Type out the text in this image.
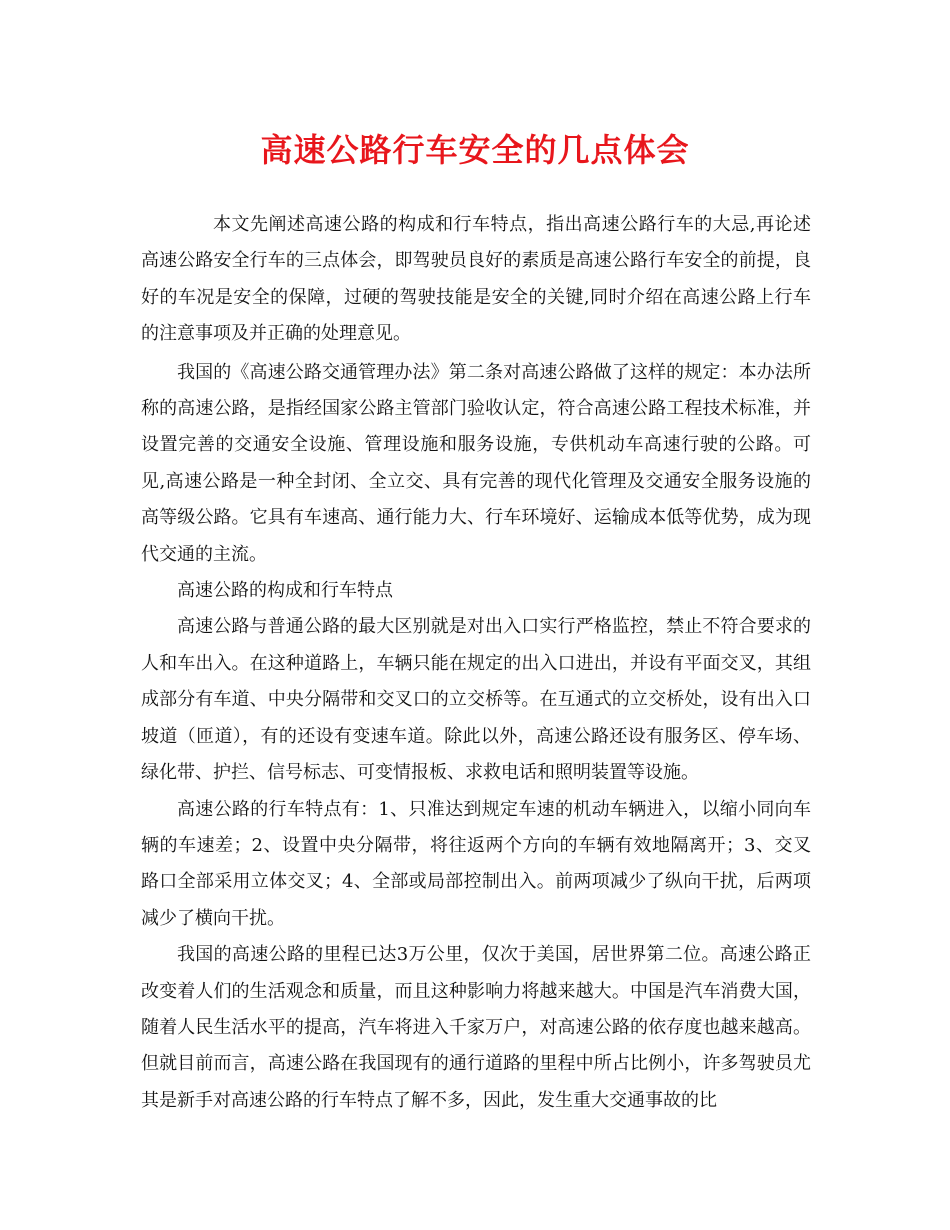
高速公路行车安全的几点体会

本文先阐述高速公路的构成和行车特点，指出高速公路行车的大忌,再论述高速公路安全行车的三点体会，即驾驶员良好的素质是高速公路行车安全的前提，良好的车况是安全的保障，过硬的驾驶技能是安全的关键,同时介绍在高速公路上行车的注意事项及并正确的处理意见。

我国的《高速公路交通管理办法》第二条对高速公路做了这样的规定：本办法所称的高速公路，是指经国家公路主管部门验收认定，符合高速公路工程技术标准，并设置完善的交通安全设施、管理设施和服务设施，专供机动车高速行驶的公路。可见,高速公路是一种全封闭、全立交、具有完善的现代化管理及交通安全服务设施的高等级公路。它具有车速高、通行能力大、行车环境好、运输成本低等优势，成为现代交通的主流。

高速公路的构成和行车特点

高速公路与普通公路的最大区别就是对出入口实行严格监控，禁止不符合要求的人和车出入。在这种道路上，车辆只能在规定的出入口进出，并设有平面交叉，其组成部分有车道、中央分隔带和交叉口的立交桥等。在互通式的立交桥处，设有出入口坡道（匝道），有的还设有变速车道。除此以外，高速公路还设有服务区、停车场、绿化带、护拦、信号标志、可变情报板、求救电话和照明装置等设施。

高速公路的行车特点有：1、只准达到规定车速的机动车辆进入，以缩小同向车辆的车速差；2、设置中央分隔带，将往返两个方向的车辆有效地隔离开；3、交叉路口全部采用立体交叉；4、全部或局部控制出入。前两项减少了纵向干扰，后两项减少了横向干扰。

我国的高速公路的里程已达3万公里，仅次于美国，居世界第二位。高速公路正改变着人们的生活观念和质量，而且这种影响力将越来越大。中国是汽车消费大国，随着人民生活水平的提高，汽车将进入千家万户，对高速公路的依存度也越来越高。但就目前而言，高速公路在我国现有的通行道路的里程中所占比例小，许多驾驶员尤其是新手对高速公路的行车特点了解不多，因此，发生重大交通事故的比
